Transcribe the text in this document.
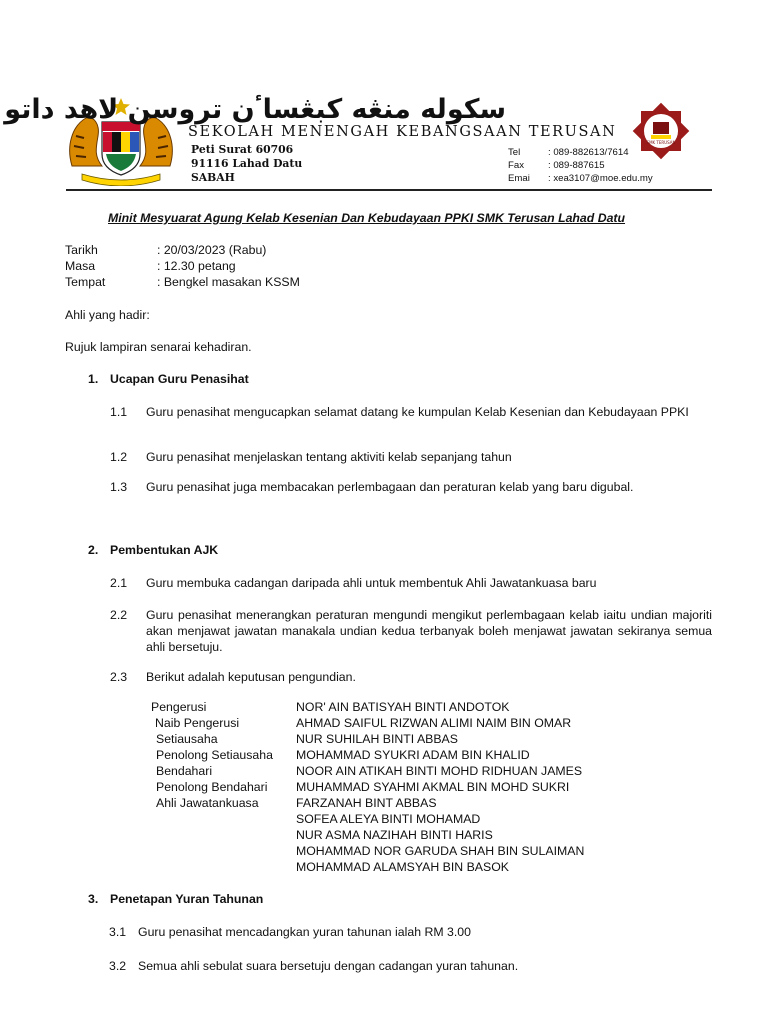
سكوله منڠه كبڠسا‌ٴن تروسن لاهد داتو
SEKOLAH MENENGAH KEBANGSAAN TERUSAN
Peti Surat 60706
91116 Lahad Datu
SABAH
Tel	: 089-882613/7614
Fax	: 089-887615
Emai : xea3107@moe.edu.my
SMK TERUSAN
Minit Mesyuarat Agung Kelab Kesenian Dan Kebudayaan PPKI SMK Terusan Lahad Datu
Tarikh	: 20/03/2023 (Rabu)
Masa	: 12.30 petang
Tempat	: Bengkel masakan KSSM
Ahli yang hadir:
Rujuk lampiran senarai kehadiran.
1. Ucapan Guru Penasihat
1.1 Guru penasihat mengucapkan selamat datang ke kumpulan Kelab Kesenian dan Kebudayaan PPKI
1.2 Guru penasihat menjelaskan tentang aktiviti kelab sepanjang tahun
1.3 Guru penasihat juga membacakan perlembagaan dan peraturan kelab yang baru digubal.
2. Pembentukan AJK
2.1 Guru membuka cadangan daripada ahli untuk membentuk Ahli Jawatankuasa baru
2.2 Guru penasihat menerangkan peraturan mengundi mengikut perlembagaan kelab iaitu undian majoriti akan menjawat jawatan manakala undian kedua terbanyak boleh menjawat jawatan sekiranya semua ahli bersetuju.
2.3 Berikut adalah keputusan pengundian.
Pengerusi	NOR' AIN BATISYAH BINTI ANDOTOK
Naib Pengerusi	AHMAD SAIFUL RIZWAN ALIMI NAIM BIN OMAR
Setiausaha	NUR SUHILAH BINTI ABBAS
Penolong Setiausaha MOHAMMAD SYUKRI ADAM BIN KHALID
Bendahari	NOOR AIN ATIKAH BINTI MOHD RIDHUAN JAMES
Penolong Bendahari MUHAMMAD SYAHMI AKMAL BIN MOHD SUKRI
Ahli Jawatankuasa	FARZANAH BINT ABBAS
SOFEA ALEYA BINTI MOHAMAD
NUR ASMA NAZIHAH BINTI HARIS
MOHAMMAD NOR GARUDA SHAH BIN SULAIMAN
MOHAMMAD ALAMSYAH BIN BASOK
3. Penetapan Yuran Tahunan
3.1 Guru penasihat mencadangkan yuran tahunan ialah RM 3.00
3.2 Semua ahli sebulat suara bersetuju dengan cadangan yuran tahunan.
